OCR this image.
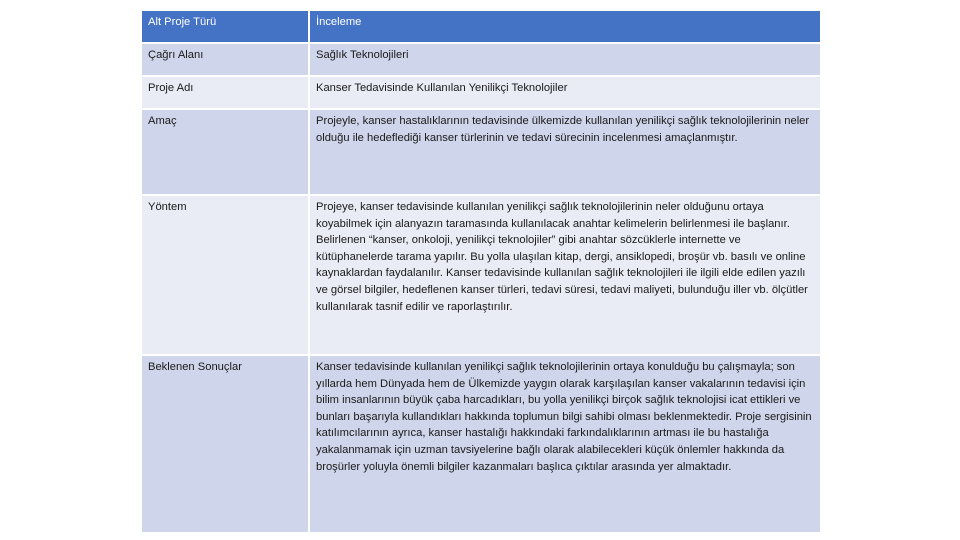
Alt Proje Türü	İnceleme
Çağrı Alanı	Sağlık Teknolojileri
Proje Adı	Kanser Tedavisinde Kullanılan Yenilikçi Teknolojiler
Amaç	Projeyle, kanser hastalıklarının tedavisinde ülkemizde kullanılan yenilikçi sağlık teknolojilerinin neler olduğu ile hedeflediği kanser türlerinin ve tedavi sürecinin incelenmesi amaçlanmıştır.
Yöntem	Projeye, kanser tedavisinde kullanılan yenilikçi sağlık teknolojilerinin neler olduğunu ortaya koyabilmek için alanyazın taramasında kullanılacak anahtar kelimelerin belirlenmesi ile başlanır. Belirlenen “kanser, onkoloji, yenilikçi teknolojiler” gibi anahtar sözcüklerle internette ve kütüphanelerde tarama yapılır. Bu yolla ulaşılan kitap, dergi, ansiklopedi, broşür vb. basılı ve online kaynaklardan faydalanılır. Kanser tedavisinde kullanılan sağlık teknolojileri ile ilgili elde edilen yazılı ve görsel bilgiler, hedeflenen kanser türleri, tedavi süresi, tedavi maliyeti, bulunduğu iller vb. ölçütler kullanılarak tasnif edilir ve raporlaştırılır.
Beklenen Sonuçlar	Kanser tedavisinde kullanılan yenilikçi sağlık teknolojilerinin ortaya konulduğu bu çalışmayla; son yıllarda hem Dünyada hem de Ülkemizde yaygın olarak karşılaşılan kanser vakalarının tedavisi için bilim insanlarının büyük çaba harcadıkları, bu yolla yenilikçi birçok sağlık teknolojisi icat ettikleri ve bunları başarıyla kullandıkları hakkında toplumun bilgi sahibi olması beklenmektedir. Proje sergisinin katılımcılarının ayrıca, kanser hastalığı hakkındaki farkındalıklarının artması ile bu hastalığa yakalanmamak için uzman tavsiyelerine bağlı olarak alabilecekleri küçük önlemler hakkında da broşürler yoluyla önemli bilgiler kazanmaları başlıca çıktılar arasında yer almaktadır.
